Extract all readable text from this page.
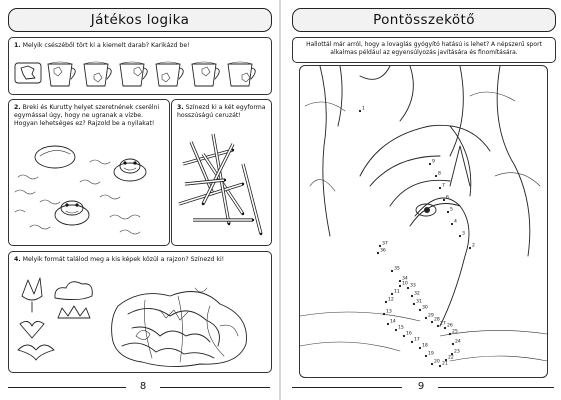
Játékos logika
1. Melyik csészéből tört ki a kiemelt darab? Karikázd be!
2. Breki és Kurutty helyet szeretnének cserélni
egymással úgy, hogy ne ugranak a vízbe.
Hogyan lehetséges ez? Rajzold be a nyilakat!
3. Színezd ki a két egyforma
hosszúságú ceruzát!
4. Melyik formát találod meg a kis képek közül a rajzon? Színezd ki!
8
Pontösszekötő
Hallottál már arról, hogy a lovaglás gyógyító hatású is lehet? A népszerű sport
alkalmas például az egyensúlyozás javítására és finomítására.
1
37
36
35
34
33
32
31
30
29
28
27 26
25
24
23
22
21
20
19
18
17
16
15
14
13
12
11
10
9
8
7
6
5
4
3
2
9
